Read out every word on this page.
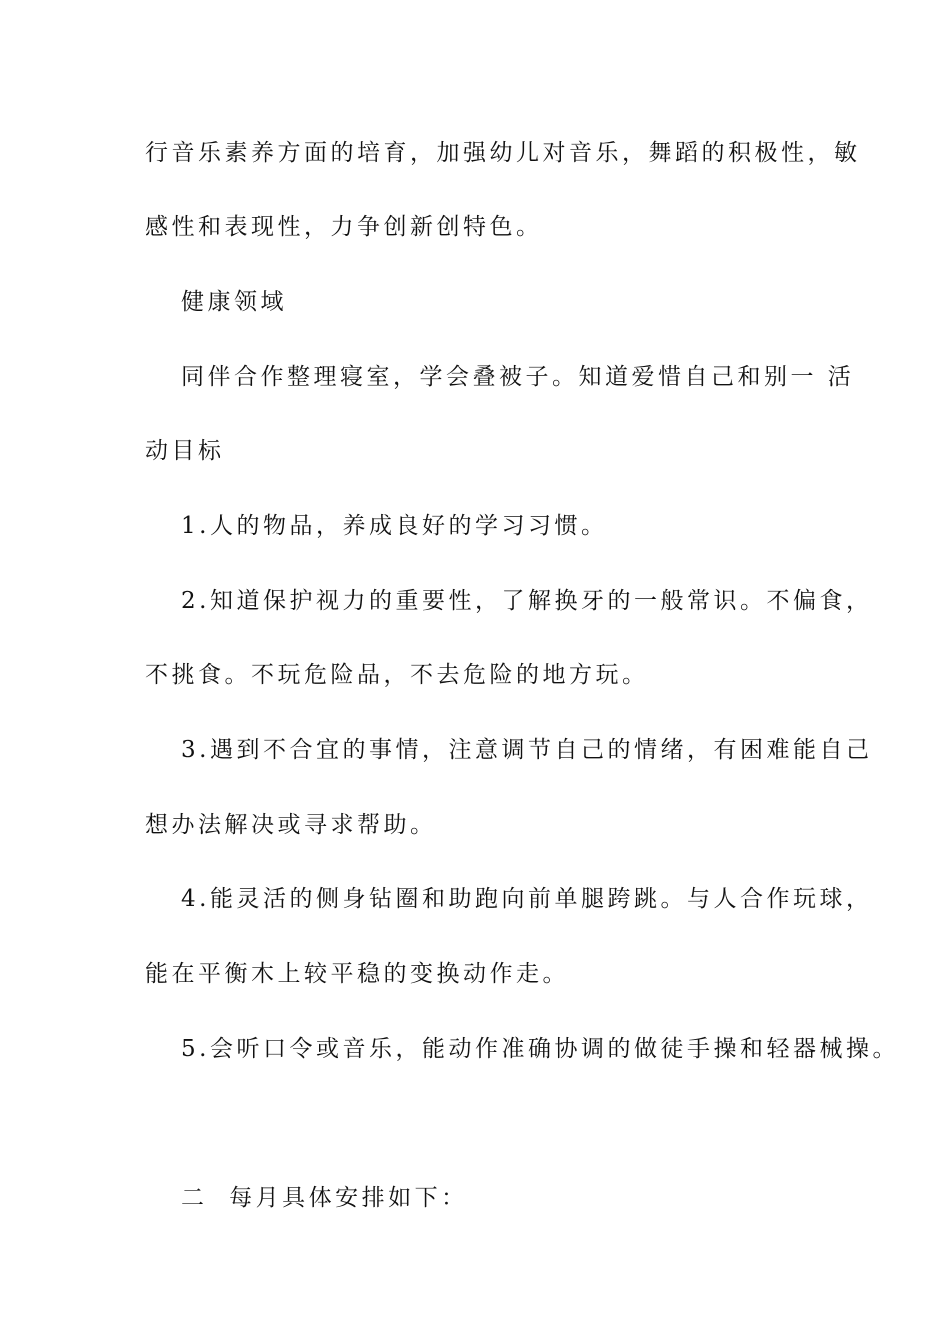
行音乐素养方面的培育，加强幼儿对音乐，舞蹈的积极性，敏
感性和表现性，力争创新创特色。
健康领域
同伴合作整理寝室，学会叠被子。知道爱惜自己和别一 活
动目标
1.人的物品，养成良好的学习习惯。
2.知道保护视力的重要性，了解换牙的一般常识。不偏食，
不挑食。不玩危险品，不去危险的地方玩。
3.遇到不合宜的事情，注意调节自己的情绪，有困难能自己
想办法解决或寻求帮助。
4.能灵活的侧身钻圈和助跑向前单腿跨跳。与人合作玩球，
能在平衡木上较平稳的变换动作走。
5.会听口令或音乐，能动作准确协调的做徒手操和轻器械操。
二  每月具体安排如下：
